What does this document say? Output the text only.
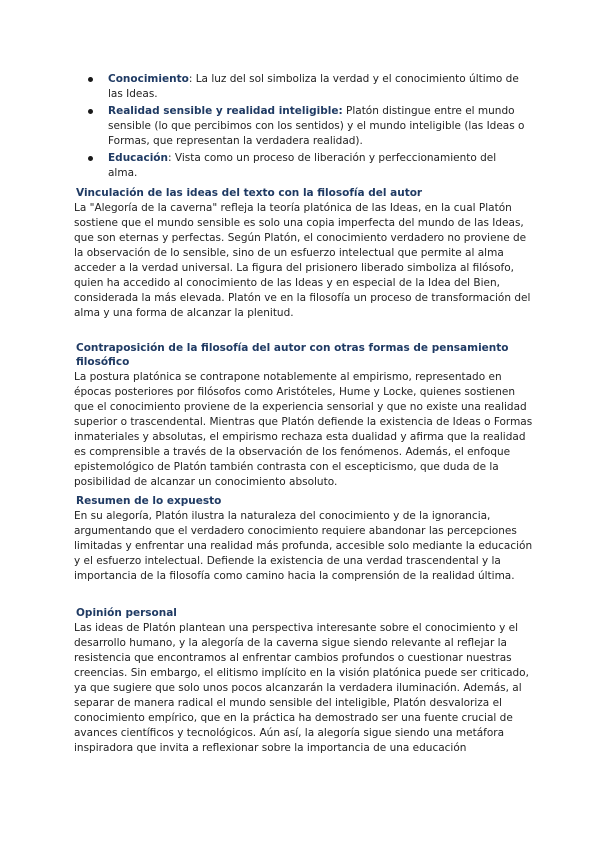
Conocimiento: La luz del sol simboliza la verdad y el conocimiento último de las Ideas.
Realidad sensible y realidad inteligible: Platón distingue entre el mundo sensible (lo que percibimos con los sentidos) y el mundo inteligible (las Ideas o Formas, que representan la verdadera realidad).
Educación: Vista como un proceso de liberación y perfeccionamiento del alma.
Vinculación de las ideas del texto con la filosofía del autor

La "Alegoría de la caverna" refleja la teoría platónica de las Ideas, en la cual Platón sostiene que el mundo sensible es solo una copia imperfecta del mundo de las Ideas, que son eternas y perfectas. Según Platón, el conocimiento verdadero no proviene de la observación de lo sensible, sino de un esfuerzo intelectual que permite al alma acceder a la verdad universal. La figura del prisionero liberado simboliza al filósofo, quien ha accedido al conocimiento de las Ideas y en especial de la Idea del Bien, considerada la más elevada. Platón ve en la filosofía un proceso de transformación del alma y una forma de alcanzar la plenitud.

Contraposición de la filosofía del autor con otras formas de pensamiento filosófico

La postura platónica se contrapone notablemente al empirismo, representado en épocas posteriores por filósofos como Aristóteles, Hume y Locke, quienes sostienen que el conocimiento proviene de la experiencia sensorial y que no existe una realidad superior o trascendental. Mientras que Platón defiende la existencia de Ideas o Formas inmateriales y absolutas, el empirismo rechaza esta dualidad y afirma que la realidad es comprensible a través de la observación de los fenómenos. Además, el enfoque epistemológico de Platón también contrasta con el escepticismo, que duda de la posibilidad de alcanzar un conocimiento absoluto.

Resumen de lo expuesto

En su alegoría, Platón ilustra la naturaleza del conocimiento y de la ignorancia, argumentando que el verdadero conocimiento requiere abandonar las percepciones limitadas y enfrentar una realidad más profunda, accesible solo mediante la educación y el esfuerzo intelectual. Defiende la existencia de una verdad trascendental y la importancia de la filosofía como camino hacia la comprensión de la realidad última.

Opinión personal

Las ideas de Platón plantean una perspectiva interesante sobre el conocimiento y el desarrollo humano, y la alegoría de la caverna sigue siendo relevante al reflejar la resistencia que encontramos al enfrentar cambios profundos o cuestionar nuestras creencias. Sin embargo, el elitismo implícito en la visión platónica puede ser criticado, ya que sugiere que solo unos pocos alcanzarán la verdadera iluminación. Además, al separar de manera radical el mundo sensible del inteligible, Platón desvaloriza el conocimiento empírico, que en la práctica ha demostrado ser una fuente crucial de avances científicos y tecnológicos. Aún así, la alegoría sigue siendo una metáfora inspiradora que invita a reflexionar sobre la importancia de una educación
